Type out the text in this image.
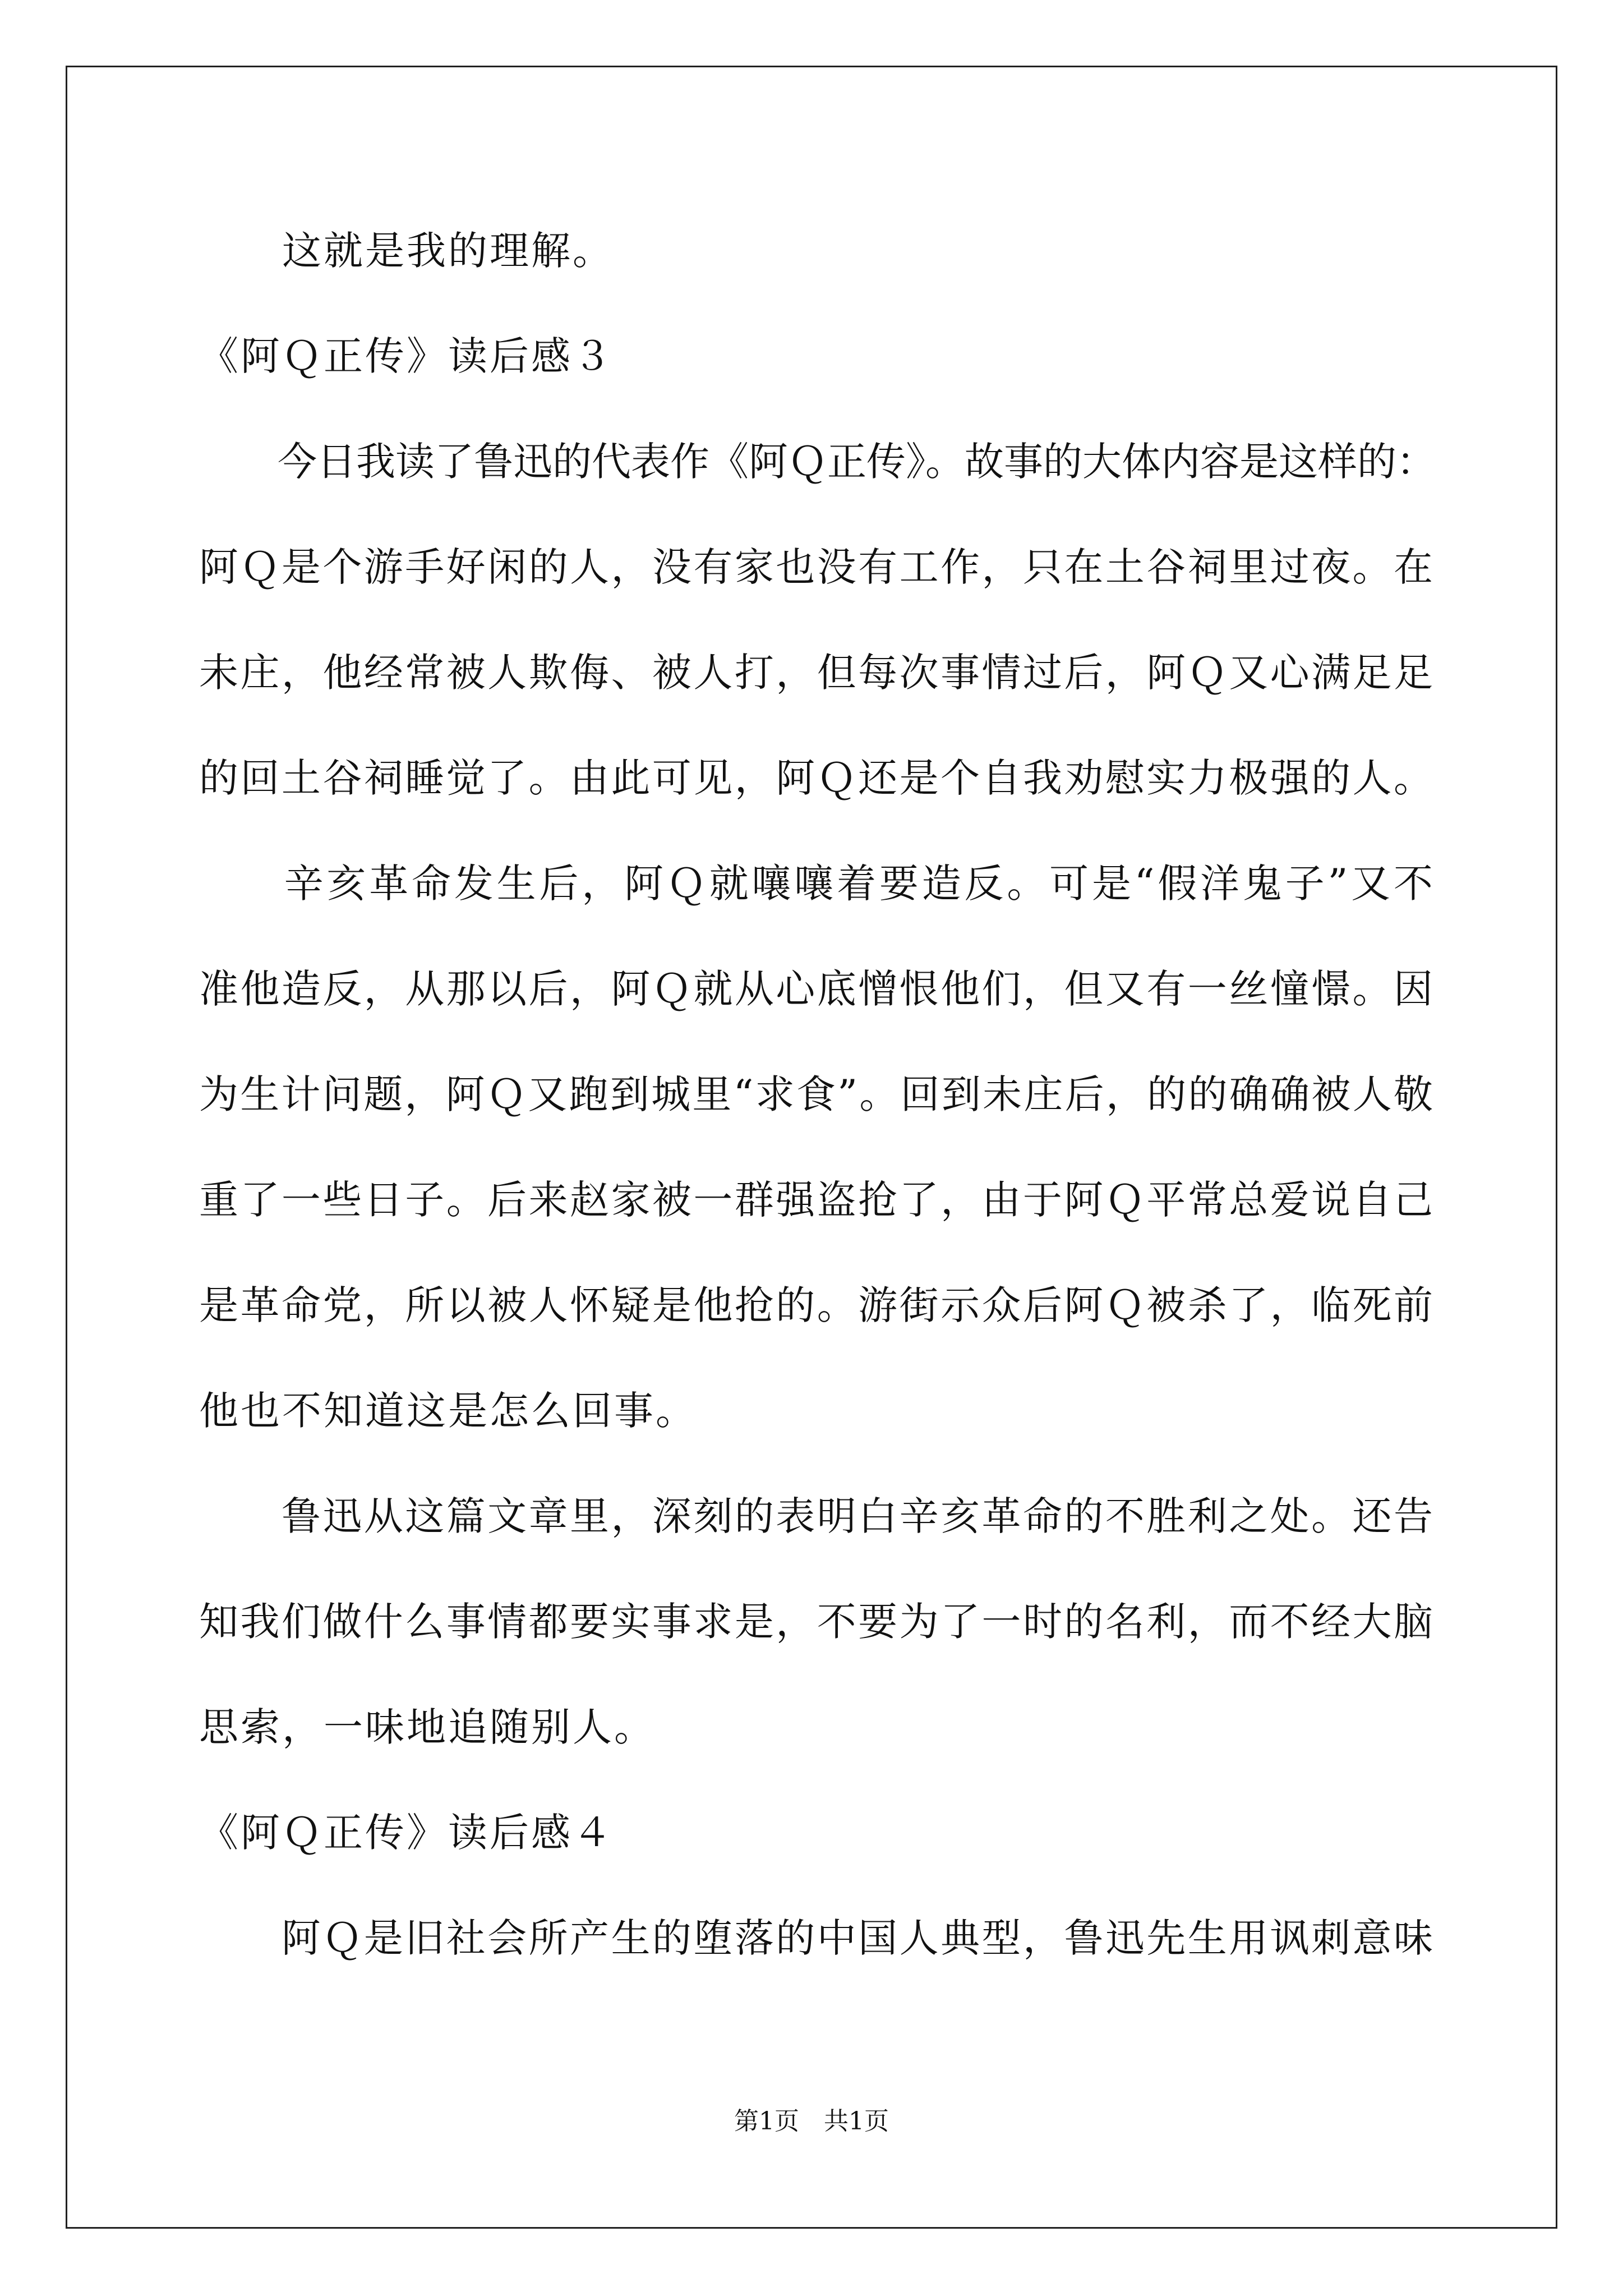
　　这就是我的理解。
《阿Ｑ正传》读后感３
　　今日我读了鲁迅的代表作《阿Ｑ正传》。故事的大体内容是这样的：
阿Ｑ是个游手好闲的人，没有家也没有工作，只在土谷祠里过夜。在
未庄，他经常被人欺侮、被人打，但每次事情过后，阿Ｑ又心满足足
的回土谷祠睡觉了。由此可见，阿Ｑ还是个自我劝慰实力极强的人。
　　辛亥革命发生后，阿Ｑ就嚷嚷着要造反。可是“假洋鬼子”又不
准他造反，从那以后，阿Ｑ就从心底憎恨他们，但又有一丝憧憬。因
为生计问题，阿Ｑ又跑到城里“求食”。回到未庄后，的的确确被人敬
重了一些日子。后来赵家被一群强盗抢了，由于阿Ｑ平常总爱说自己
是革命党，所以被人怀疑是他抢的。游街示众后阿Ｑ被杀了，临死前
他也不知道这是怎么回事。
　　鲁迅从这篇文章里，深刻的表明白辛亥革命的不胜利之处。还告
知我们做什么事情都要实事求是，不要为了一时的名利，而不经大脑
思索，一味地追随别人。
《阿Ｑ正传》读后感４
　　阿Ｑ是旧社会所产生的堕落的中国人典型，鲁迅先生用讽刺意味
第1页　共1页
